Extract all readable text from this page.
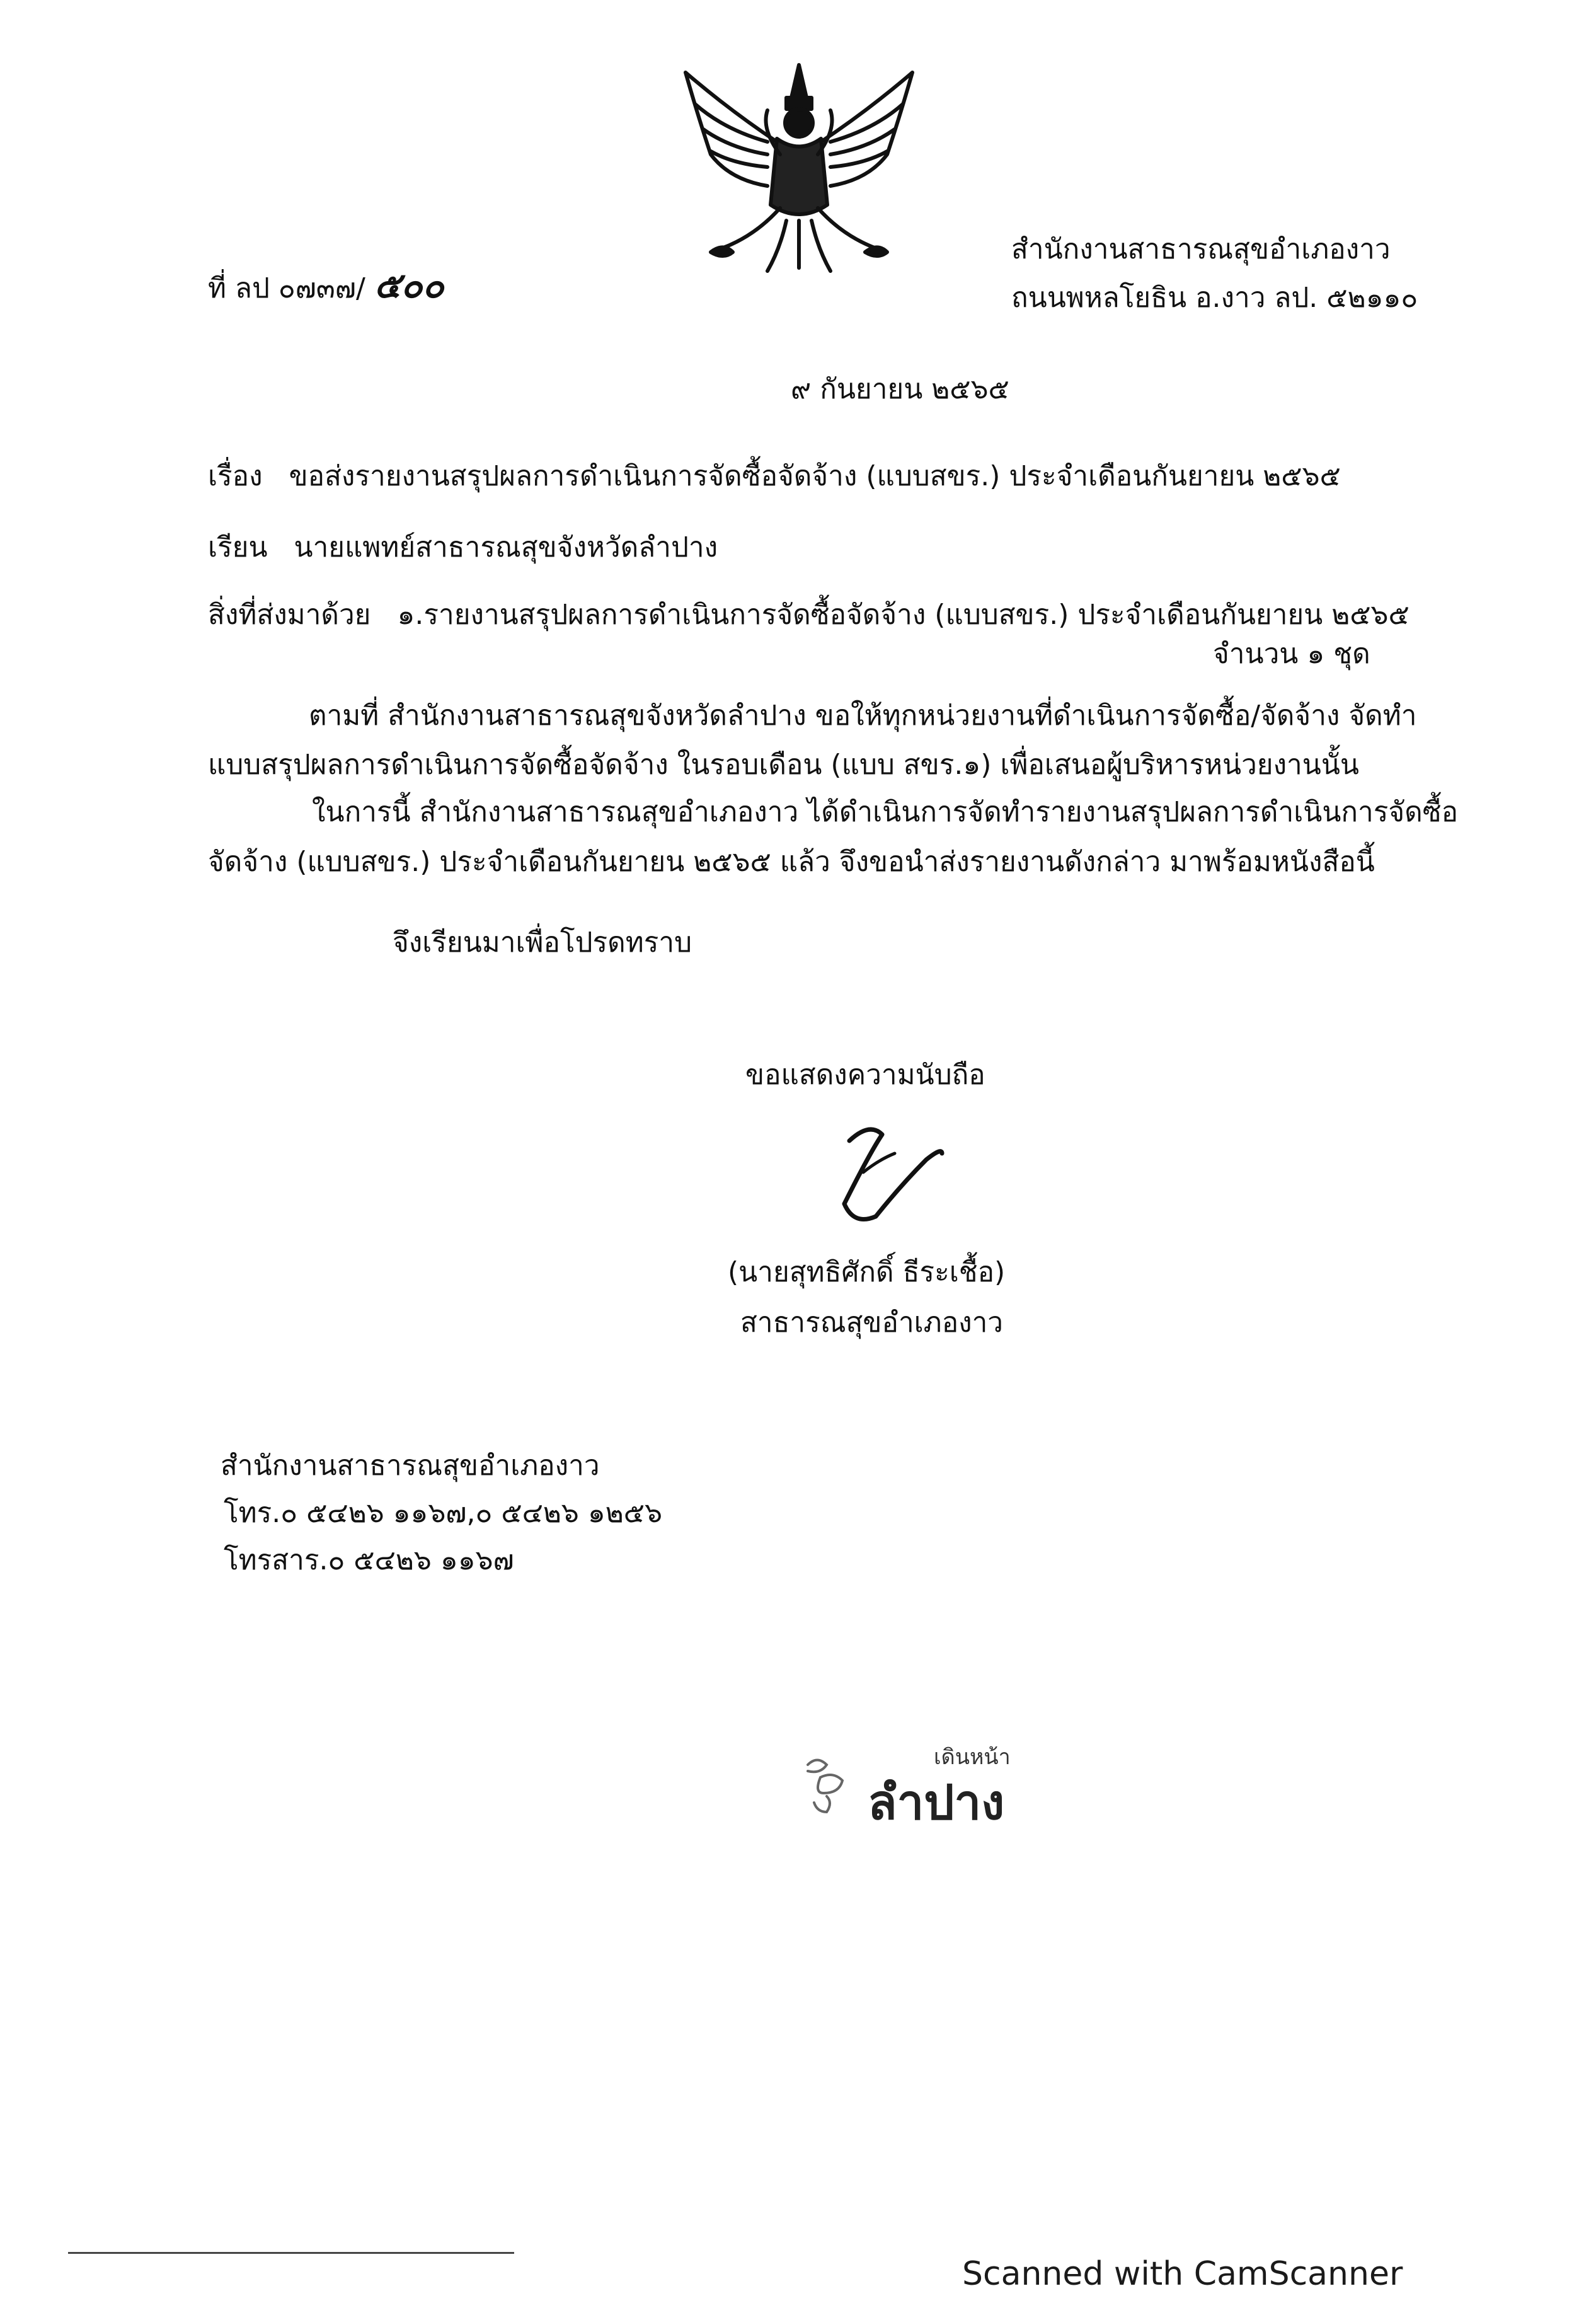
ที่ ลป ๐๗๓๗/ ๕๐๐
สำนักงานสาธารณสุขอำเภองาว
ถนนพหลโยธิน อ.งาว ลป. ๕๒๑๑๐
๙ กันยายน ๒๕๖๕
เรื่อง ขอส่งรายงานสรุปผลการดำเนินการจัดซื้อจัดจ้าง (แบบสขร.) ประจำเดือนกันยายน ๒๕๖๕
เรียน นายแพทย์สาธารณสุขจังหวัดลำปาง
สิ่งที่ส่งมาด้วย ๑.รายงานสรุปผลการดำเนินการจัดซื้อจัดจ้าง (แบบสขร.) ประจำเดือนกันยายน ๒๕๖๕
จำนวน ๑ ชุด
ตามที่ สำนักงานสาธารณสุขจังหวัดลำปาง ขอให้ทุกหน่วยงานที่ดำเนินการจัดซื้อ/จัดจ้าง จัดทำ
แบบสรุปผลการดำเนินการจัดซื้อจัดจ้าง ในรอบเดือน (แบบ สขร.๑) เพื่อเสนอผู้บริหารหน่วยงานนั้น
ในการนี้ สำนักงานสาธารณสุขอำเภองาว ได้ดำเนินการจัดทำรายงานสรุปผลการดำเนินการจัดซื้อ
จัดจ้าง (แบบสขร.) ประจำเดือนกันยายน ๒๕๖๕ แล้ว จึงขอนำส่งรายงานดังกล่าว มาพร้อมหนังสือนี้
จึงเรียนมาเพื่อโปรดทราบ
ขอแสดงความนับถือ
(นายสุทธิศักดิ์ ธีระเชื้อ)
สาธารณสุขอำเภองาว
สำนักงานสาธารณสุขอำเภองาว
โทร.๐ ๕๔๒๖ ๑๑๖๗,๐ ๕๔๒๖ ๑๒๕๖
โทรสาร.๐ ๕๔๒๖ ๑๑๖๗
เดินหน้า
ลำปาง
Scanned with CamScanner
